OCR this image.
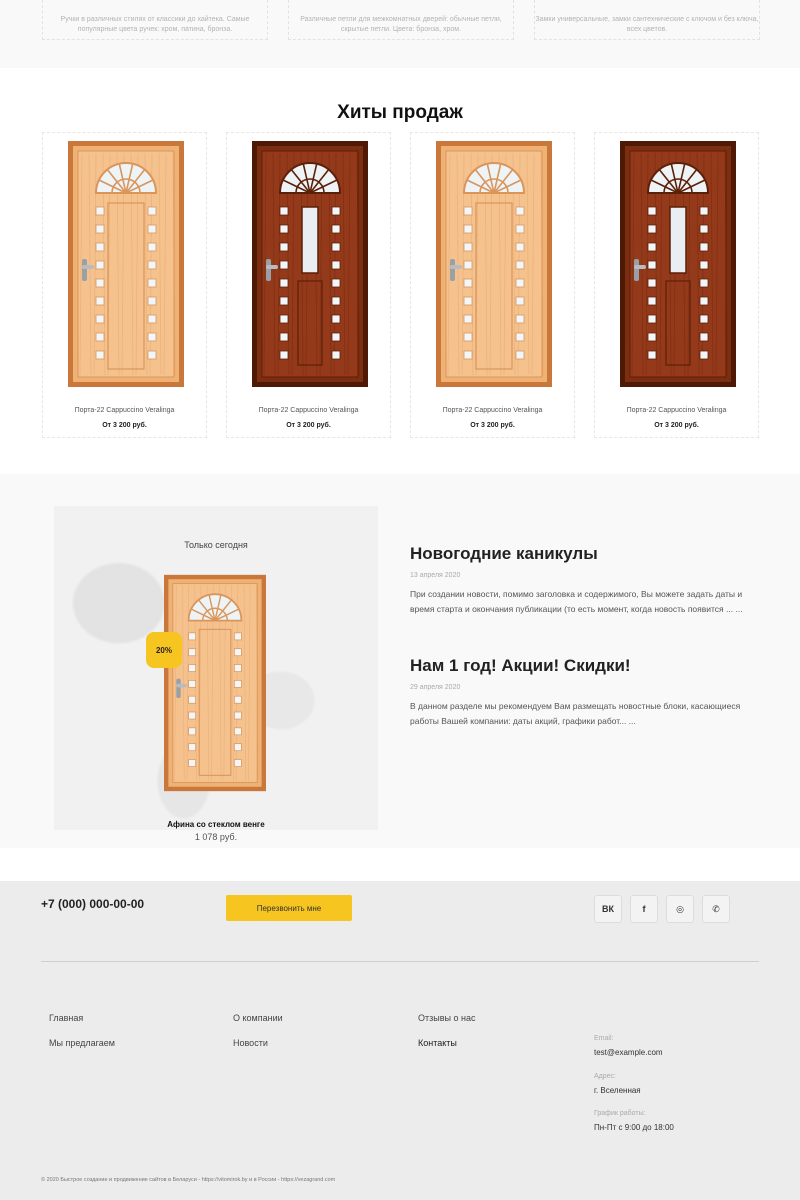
Ручки в различных стилях от классики до хайтека. Самые популярные цвета ручек: хром, патина, бронза.
Различные петли для межкомнатных дверей: обычные петли, скрытые петли. Цвета: бронза, хром.
Замки универсальные, замки сантехнические с ключом и без ключа, всех цветов.
Хиты продаж
Порта-22 Cappuccino Veralinga
От 3 200 руб.
Порта-22 Cappuccino Veralinga
От 3 200 руб.
Порта-22 Cappuccino Veralinga
От 3 200 руб.
Порта-22 Cappuccino Veralinga
От 3 200 руб.
Только сегодня
20%
Афина со стеклом венге
1 078 руб.
Новогодние каникулы
13 апреля 2020
При создании новости, помимо заголовка и содержимого, Вы можете задать даты и время старта и окончания публикации (то есть момент, когда новость появится ... ...
Нам 1 год! Акции! Скидки!
29 апреля 2020
В данном разделе мы рекомендуем Вам размещать новостные блоки, касающиеся работы Вашей компании: даты акций, графики работ... ...
+7 (000) 000-00-00	Перезвонить мне	ВК	f	◎	✆
Главная
Мы предлагаем
О компании
Новости
Отзывы о нас
Контакты	Email:
test@example.com
Адрес:
г. Вселенная
График работы:
Пн-Пт с 9:00 до 18:00
© 2020 Быстрое создание и продвижение сайтов в Беларуси - https://vitomirok.by и в России - https://vezagrand.com
